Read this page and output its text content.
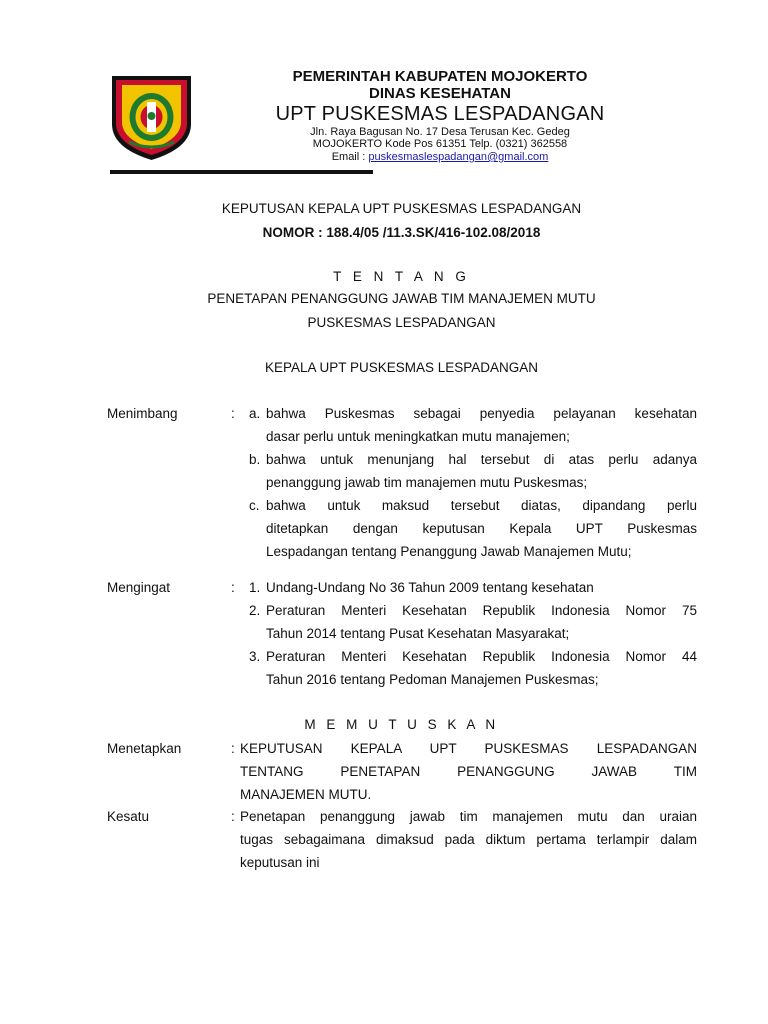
PEMERINTAH KABUPATEN MOJOKERTO
DINAS KESEHATAN
UPT PUSKESMAS LESPADANGAN
Jln. Raya Bagusan No. 17 Desa Terusan Kec. Gedeg
MOJOKERTO Kode Pos 61351 Telp. (0321) 362558
Email : puskesmaslespadangan@gmail.com
KEPUTUSAN KEPALA UPT PUSKESMAS LESPADANGAN
NOMOR : 188.4/05 /11.3.SK/416-102.08/2018
T E N T A N G
PENETAPAN PENANGGUNG JAWAB TIM MANAJEMEN MUTU
PUSKESMAS LESPADANGAN
KEPALA UPT PUSKESMAS LESPADANGAN
Menimbang	: a. bahwa Puskesmas sebagai penyedia pelayanan kesehatan
dasar perlu untuk meningkatkan mutu manajemen;
b. bahwa untuk menunjang hal tersebut di atas perlu adanya
penanggung jawab tim manajemen mutu Puskesmas;
c. bahwa untuk maksud tersebut diatas, dipandang perlu
ditetapkan dengan keputusan Kepala UPT Puskesmas
Lespadangan tentang Penanggung Jawab Manajemen Mutu;
Mengingat	: 1. Undang-Undang No 36 Tahun 2009 tentang kesehatan
2. Peraturan Menteri Kesehatan Republik Indonesia Nomor 75
Tahun 2014 tentang Pusat Kesehatan Masyarakat;
3. Peraturan Menteri Kesehatan Republik Indonesia Nomor 44
Tahun 2016 tentang Pedoman Manajemen Puskesmas;
M E M U T U S K A N
Menetapkan	: KEPUTUSAN KEPALA UPT PUSKESMAS LESPADANGAN
TENTANG PENETAPAN PENANGGUNG JAWAB TIM
MANAJEMEN MUTU.
Kesatu	: Penetapan penanggung jawab tim manajemen mutu dan uraian
tugas sebagaimana dimaksud pada diktum pertama terlampir dalam
keputusan ini
